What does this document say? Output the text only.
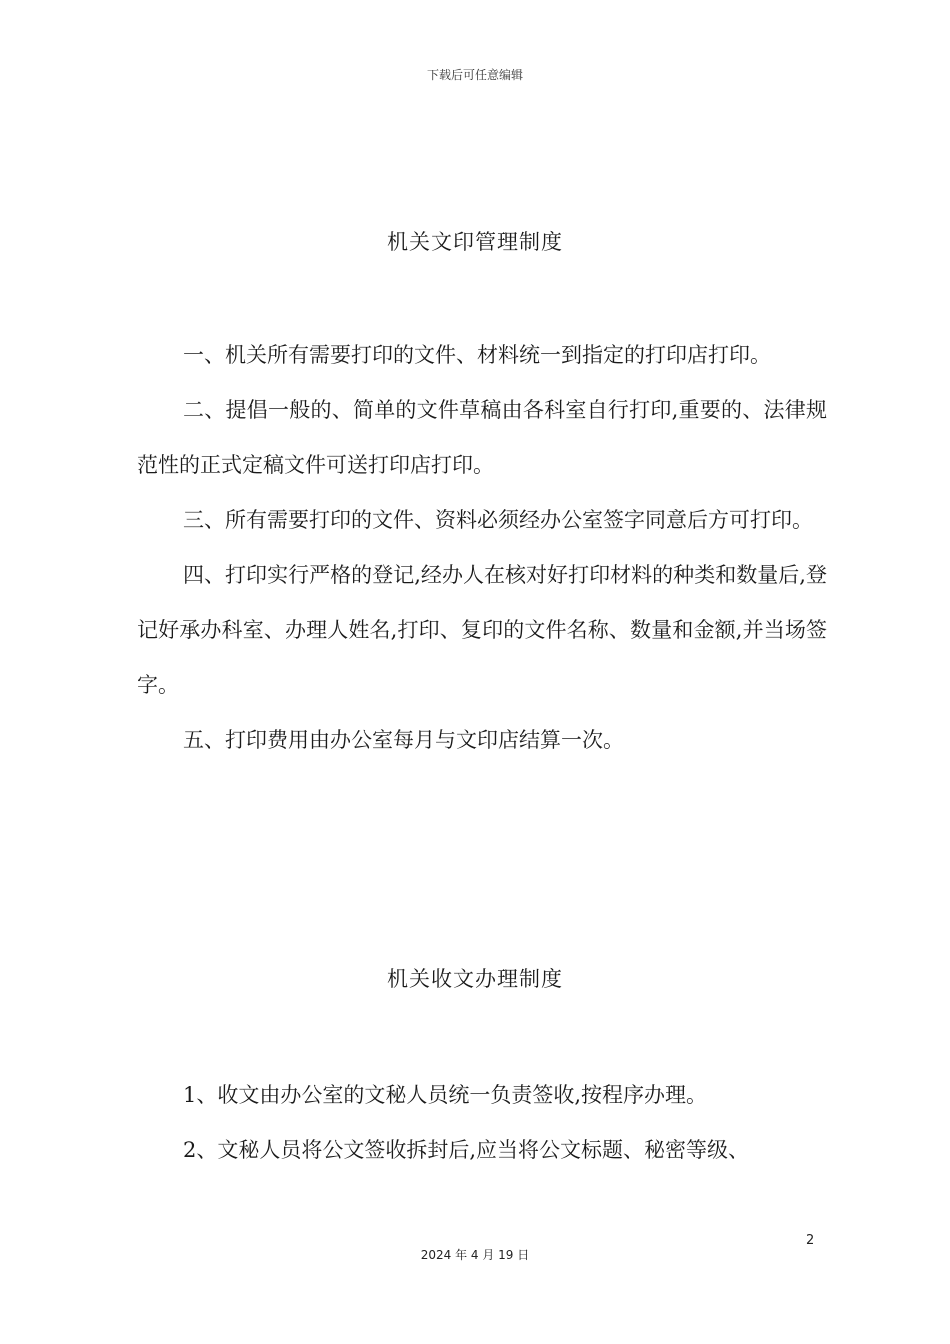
下载后可任意编辑
机关文印管理制度

一、机关所有需要打印的文件、材料统一到指定的打印店打印。

二、提倡一般的、简单的文件草稿由各科室自行打印,重要的、法律规范性的正式定稿文件可送打印店打印。

三、所有需要打印的文件、资料必须经办公室签字同意后方可打印。

四、打印实行严格的登记,经办人在核对好打印材料的种类和数量后,登记好承办科室、办理人姓名,打印、复印的文件名称、数量和金额,并当场签字。

五、打印费用由办公室每月与文印店结算一次。

机关收文办理制度

1、收文由办公室的文秘人员统一负责签收,按程序办理。

2、文秘人员将公文签收拆封后,应当将公文标题、秘密等级、

2
2024 年 4 月 19 日
